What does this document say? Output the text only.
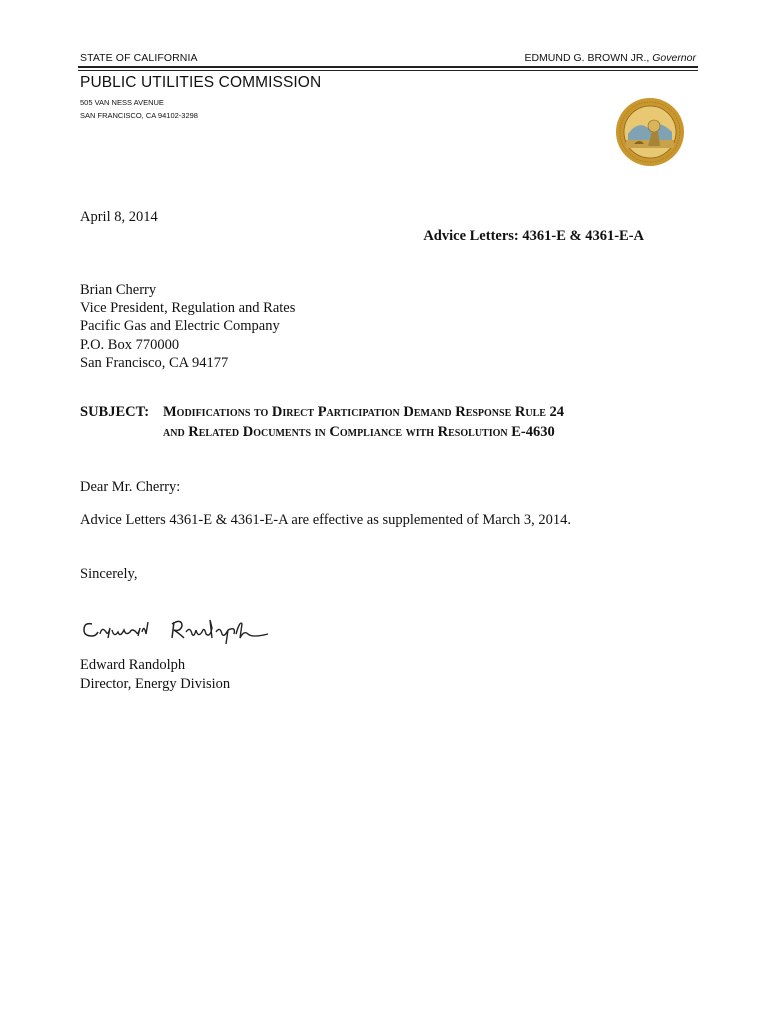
STATE OF CALIFORNIA	EDMUND G. BROWN JR., Governor
PUBLIC UTILITIES COMMISSION
505 VAN NESS AVENUE
SAN FRANCISCO, CA 94102-3298
·
April 8, 2014
Advice Letters: 4361-E & 4361-E-A
Brian Cherry
Vice President, Regulation and Rates
Pacific Gas and Electric Company
P.O. Box 770000
San Francisco, CA 94177
SUBJECT: Modifications to Direct Participation Demand Response Rule 24
and Related Documents in Compliance with Resolution E-4630
Dear Mr. Cherry:
Advice Letters 4361-E & 4361-E-A are effective as supplemented of March 3, 2014.
Sincerely,
Edward Randolph
Director, Energy Division
